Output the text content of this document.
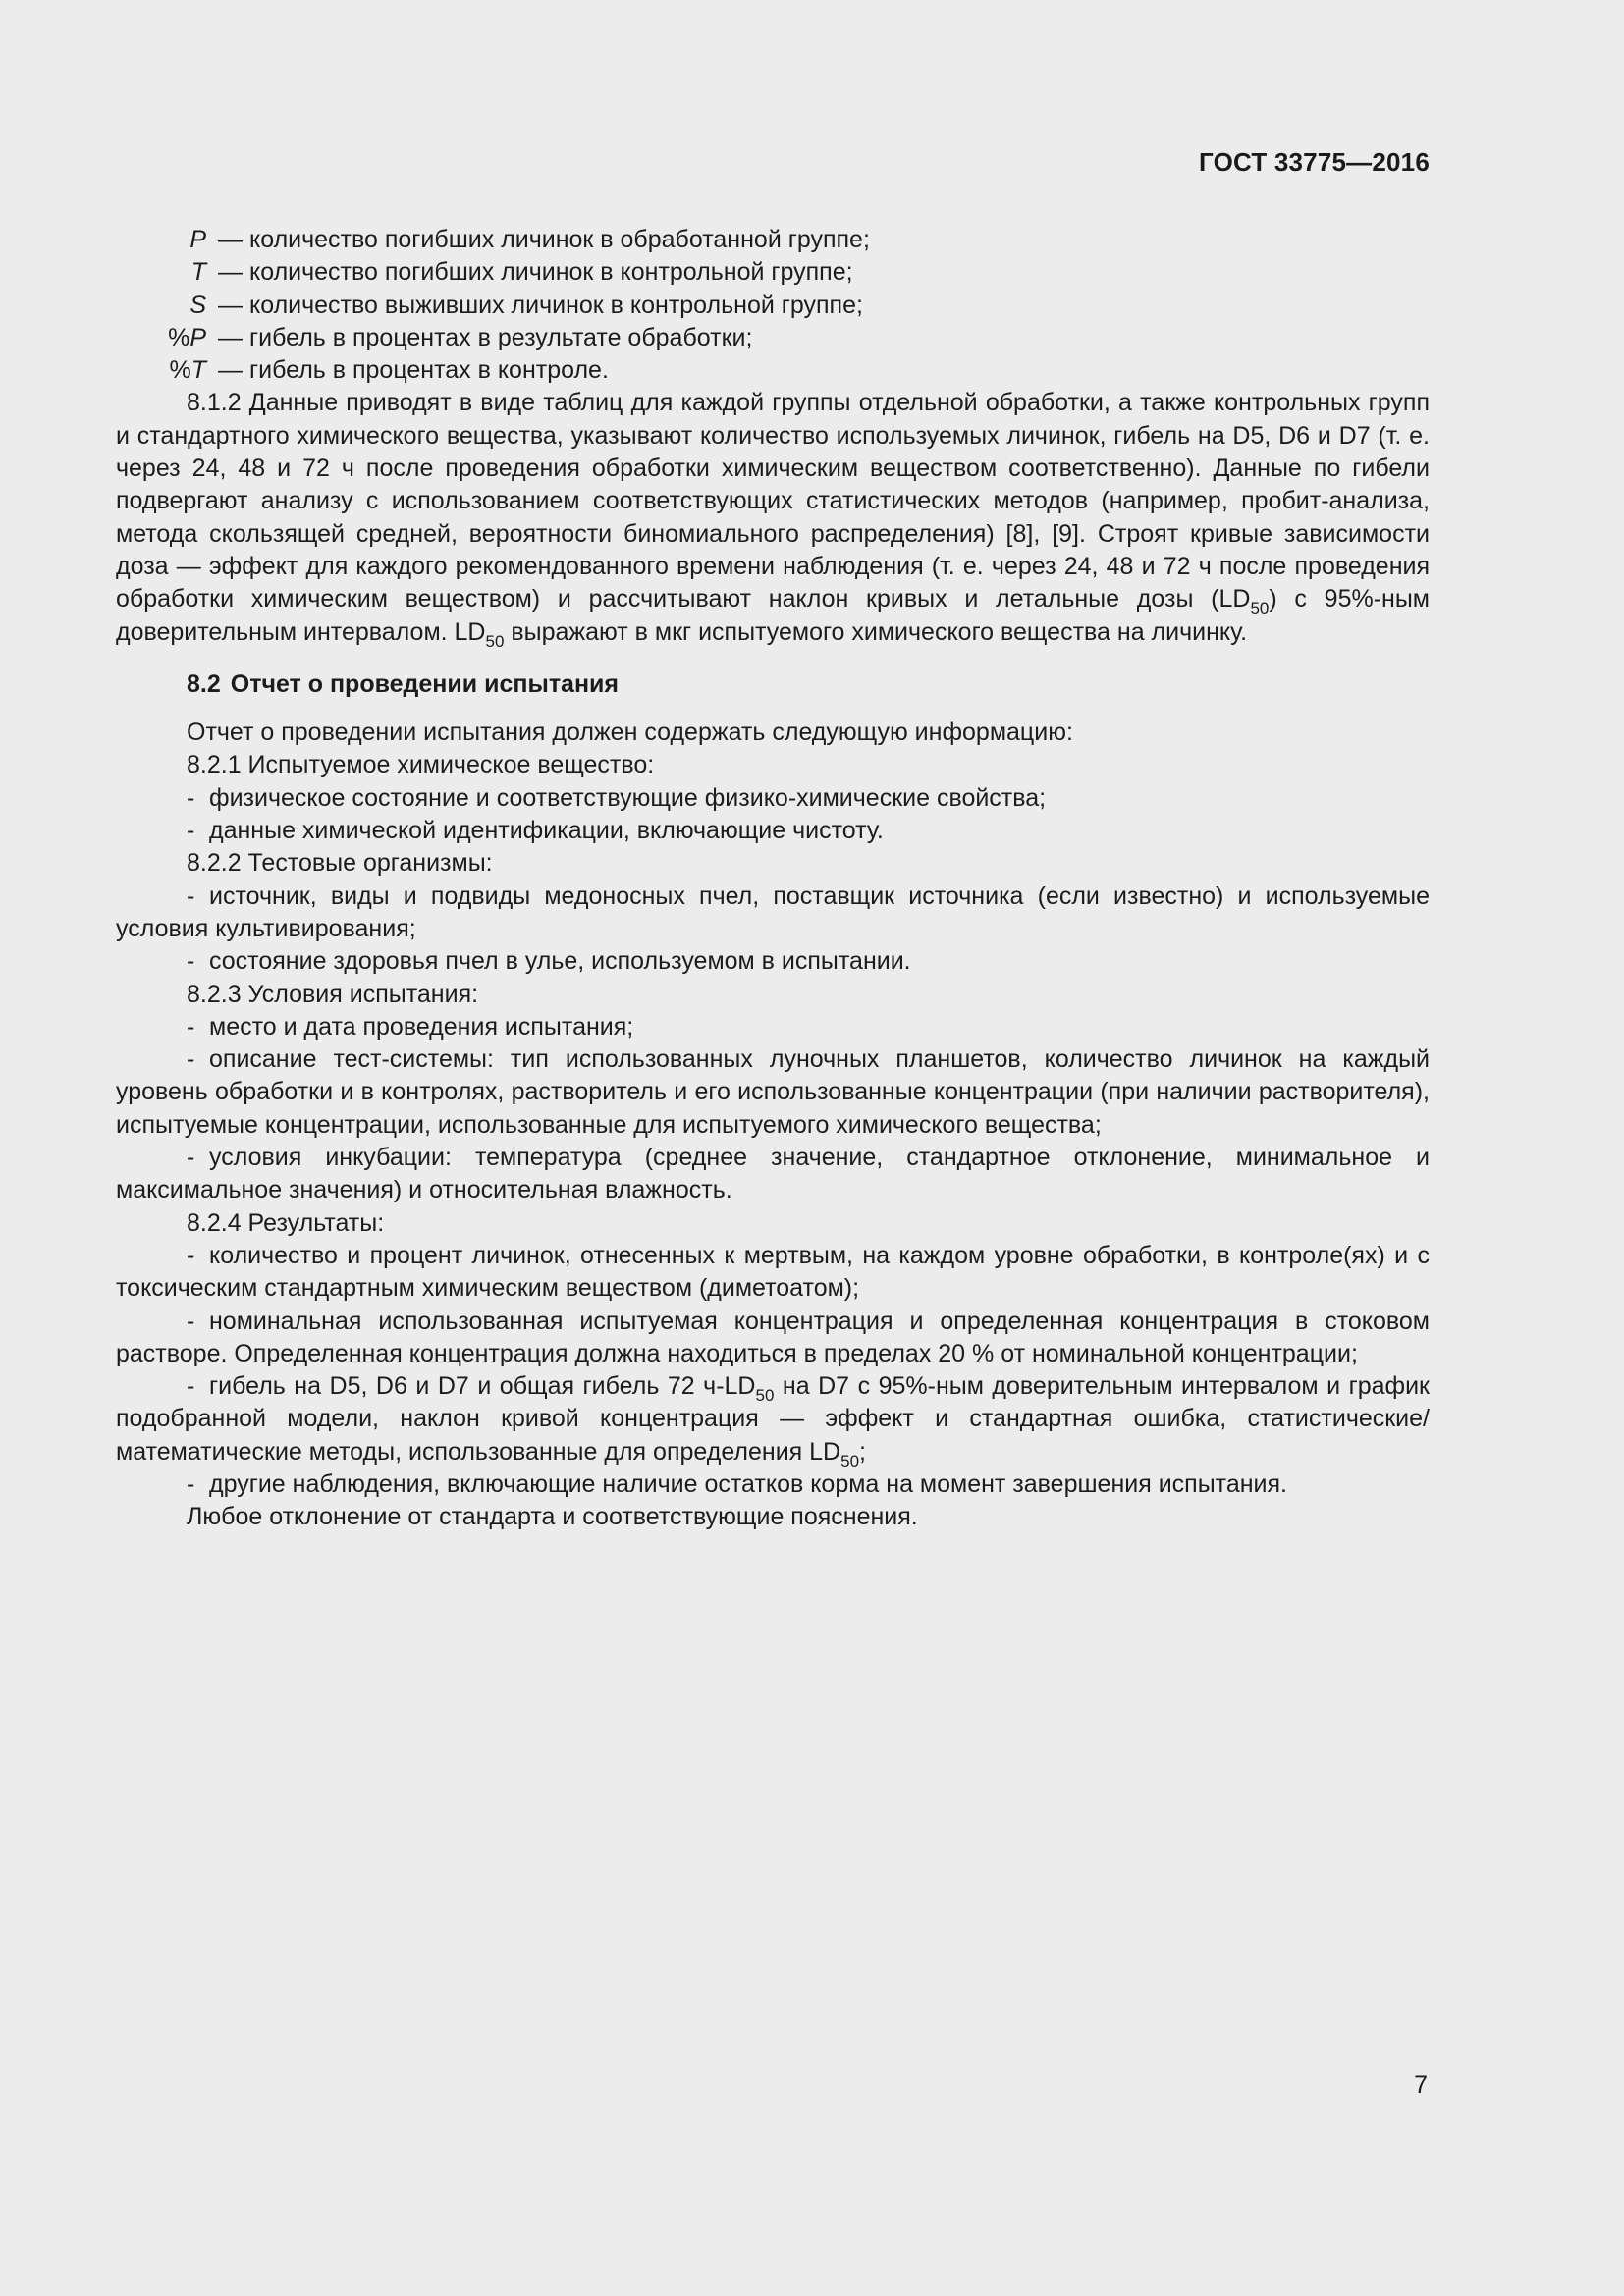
ГОСТ 33775—2016
P — количество погибших личинок в обработанной группе;
T — количество погибших личинок в контрольной группе;
S — количество выживших личинок в контрольной группе;
%P — гибель в процентах в результате обработки;
%T — гибель в процентах в контроле.

8.1.2 Данные приводят в виде таблиц для каждой группы отдельной обработки, а также контрольных групп и стандартного химического вещества, указывают количество используемых личинок, гибель на D5, D6 и D7 (т. е. через 24, 48 и 72 ч после проведения обработки химическим веществом соответственно). Данные по гибели подвергают анализу с использованием соответствующих статистических методов (например, пробит-анализа, метода скользящей средней, вероятности биномиального распределения) [8], [9]. Строят кривые зависимости доза — эффект для каждого рекомендованного времени наблюдения (т. е. через 24, 48 и 72 ч после проведения обработки химическим веществом) и рассчитывают наклон кривых и летальные дозы $(LD_{50})$ с 95%-ным доверительным интервалом. $LD_{50}$ выражают в мкг испытуемого химического вещества на личинку.

8.2 Отчет о проведении испытания

Отчет о проведении испытания должен содержать следующую информацию:

8.2.1 Испытуемое химическое вещество:

- физическое состояние и соответствующие физико-химические свойства;

- данные химической идентификации, включающие чистоту.

8.2.2 Тестовые организмы:

- источник, виды и подвиды медоносных пчел, поставщик источника (если известно) и используемые условия культивирования;

- состояние здоровья пчел в улье, используемом в испытании.

8.2.3 Условия испытания:

- место и дата проведения испытания;

- описание тест-системы: тип использованных луночных планшетов, количество личинок на каждый уровень обработки и в контролях, растворитель и его использованные концентрации (при наличии растворителя), испытуемые концентрации, использованные для испытуемого химического вещества;

- условия инкубации: температура (среднее значение, стандартное отклонение, минимальное и максимальное значения) и относительная влажность.

8.2.4 Результаты:

- количество и процент личинок, отнесенных к мертвым, на каждом уровне обработки, в контроле(ях) и с токсическим стандартным химическим веществом (диметоатом);

- номинальная использованная испытуемая концентрация и определенная концентрация в стоковом растворе. Определенная концентрация должна находиться в пределах 20 % от номинальной концентрации;

- гибель на D5, D6 и D7 и общая гибель 72 $ч-LD_{50}$ на D7 с 95%-ным доверительным интервалом и график подобранной модели, наклон кривой концентрация — эффект и стандартная ошибка, статистические/математические методы, использованные для определения $LD_{50}$;

- другие наблюдения, включающие наличие остатков корма на момент завершения испытания.

Любое отклонение от стандарта и соответствующие пояснения.

7
